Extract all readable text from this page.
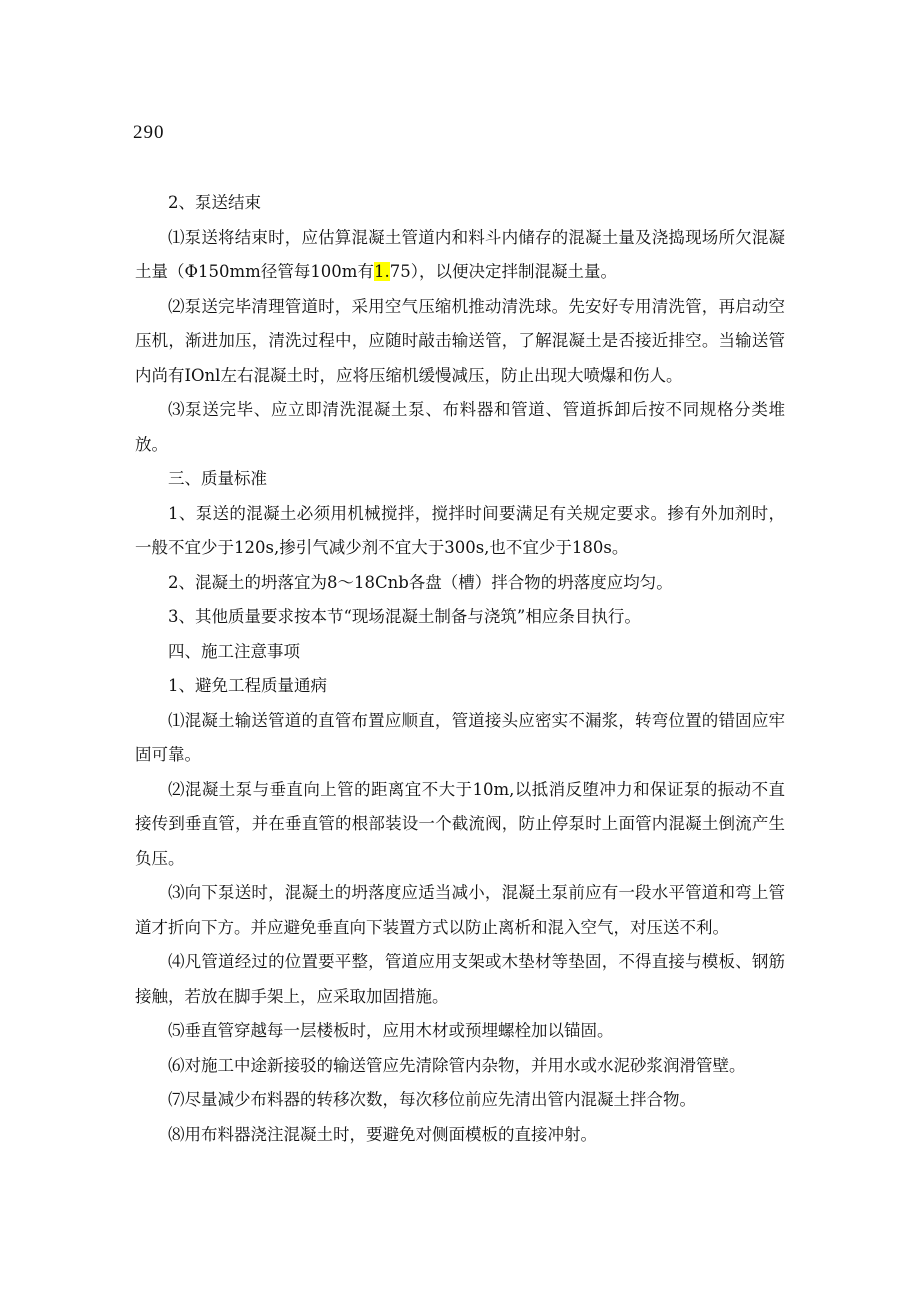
290

2、泵送结束

⑴泵送将结束时，应估算混凝土管道内和料斗内储存的混凝土量及浇捣现场所欠混凝土量（Φ150mm径管每100m有1.75），以便决定拌制混凝土量。

⑵泵送完毕清理管道时，采用空气压缩机推动清洗球。先安好专用清洗管，再启动空压机，渐进加压，清洗过程中，应随时敲击输送管，了解混凝土是否接近排空。当输送管内尚有IOnl左右混凝土时，应将压缩机缓慢减压，防止出现大喷爆和伤人。

⑶泵送完毕、应立即清洗混凝土泵、布料器和管道、管道拆卸后按不同规格分类堆放。

三、质量标准

1、泵送的混凝土必须用机械搅拌，搅拌时间要满足有关规定要求。掺有外加剂时，一般不宜少于120s,掺引气减少剂不宜大于300s,也不宜少于180s。

2、混凝土的坍落宜为8～18Cnb各盘（槽）拌合物的坍落度应均匀。

3、其他质量要求按本节“现场混凝土制备与浇筑”相应条目执行。

四、施工注意事项

1、避免工程质量通病

⑴混凝土输送管道的直管布置应顺直，管道接头应密实不漏浆，转弯位置的错固应牢固可靠。

⑵混凝土泵与垂直向上管的距离宜不大于10m,以抵消反堕冲力和保证泵的振动不直接传到垂直管，并在垂直管的根部装设一个截流阀，防止停泵时上面管内混凝土倒流产生负压。

⑶向下泵送时，混凝土的坍落度应适当减小，混凝土泵前应有一段水平管道和弯上管道才折向下方。并应避免垂直向下装置方式以防止离析和混入空气，对压送不利。

⑷凡管道经过的位置要平整，管道应用支架或木垫材等垫固，不得直接与模板、钢筋接触，若放在脚手架上，应采取加固措施。

⑸垂直管穿越每一层楼板时，应用木材或预埋螺栓加以锚固。

⑹对施工中途新接驳的输送管应先清除管内杂物，并用水或水泥砂浆润滑管壁。

⑺尽量减少布料器的转移次数，每次移位前应先清出管内混凝土拌合物。

⑻用布料器浇注混凝土时，要避免对侧面模板的直接冲射。
